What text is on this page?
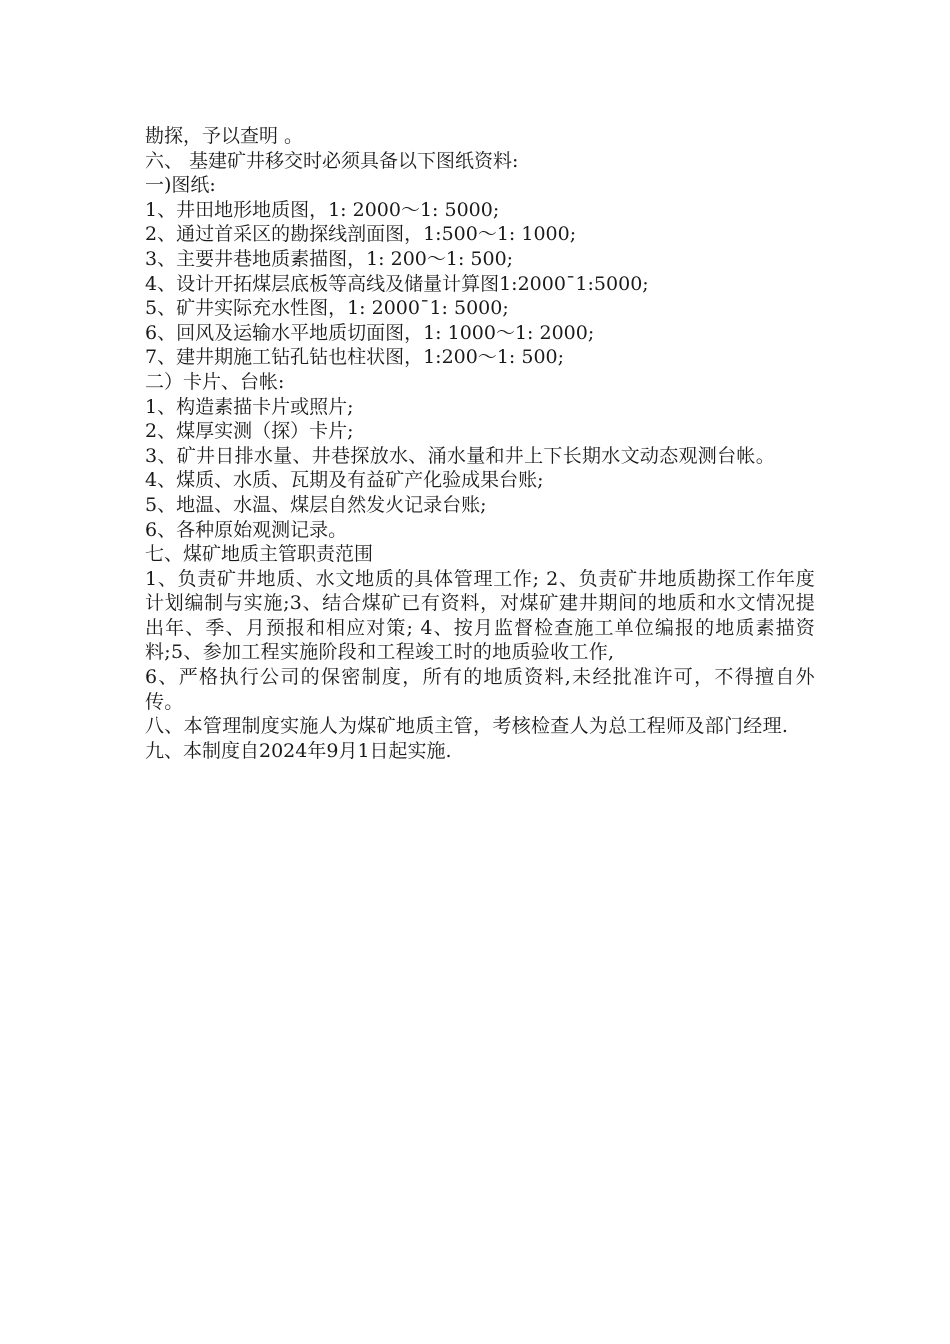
勘探，予以查明 。
六、 基建矿井移交时必须具备以下图纸资料:
一)图纸:
1、井田地形地质图，1: 2000～1: 5000;
2、通过首采区的勘探线剖面图，1:500～1: 1000;
3、主要井巷地质素描图，1: 200～1: 500;
4、设计开拓煤层底板等高线及储量计算图1:2000¯1:5000;
5、矿井实际充水性图，1: 2000¯1: 5000;
6、回风及运输水平地质切面图，1: 1000～1: 2000;
7、建井期施工钻孔钻也柱状图，1:200～1: 500;
二）卡片、台帐:
1、构造素描卡片或照片;
2、煤厚实测（探）卡片;
3、矿井日排水量、井巷探放水、涌水量和井上下长期水文动态观测台帐。
4、煤质、水质、瓦期及有益矿产化验成果台账;
5、地温、水温、煤层自然发火记录台账;
6、各种原始观测记录。
七、煤矿地质主管职责范围
1、负责矿井地质、水文地质的具体管理工作; 2、负责矿井地质勘探工作年度计划编制与实施;3、结合煤矿已有资料，对煤矿建井期间的地质和水文情况提出年、季、月预报和相应对策; 4、按月监督检查施工单位编报的地质素描资料;5、参加工程实施阶段和工程竣工时的地质验收工作,
6、严格执行公司的保密制度，所有的地质资料,未经批准许可，不得擅自外传。
八、本管理制度实施人为煤矿地质主管，考核检查人为总工程师及部门经理.
九、本制度自2024年9月1日起实施.
